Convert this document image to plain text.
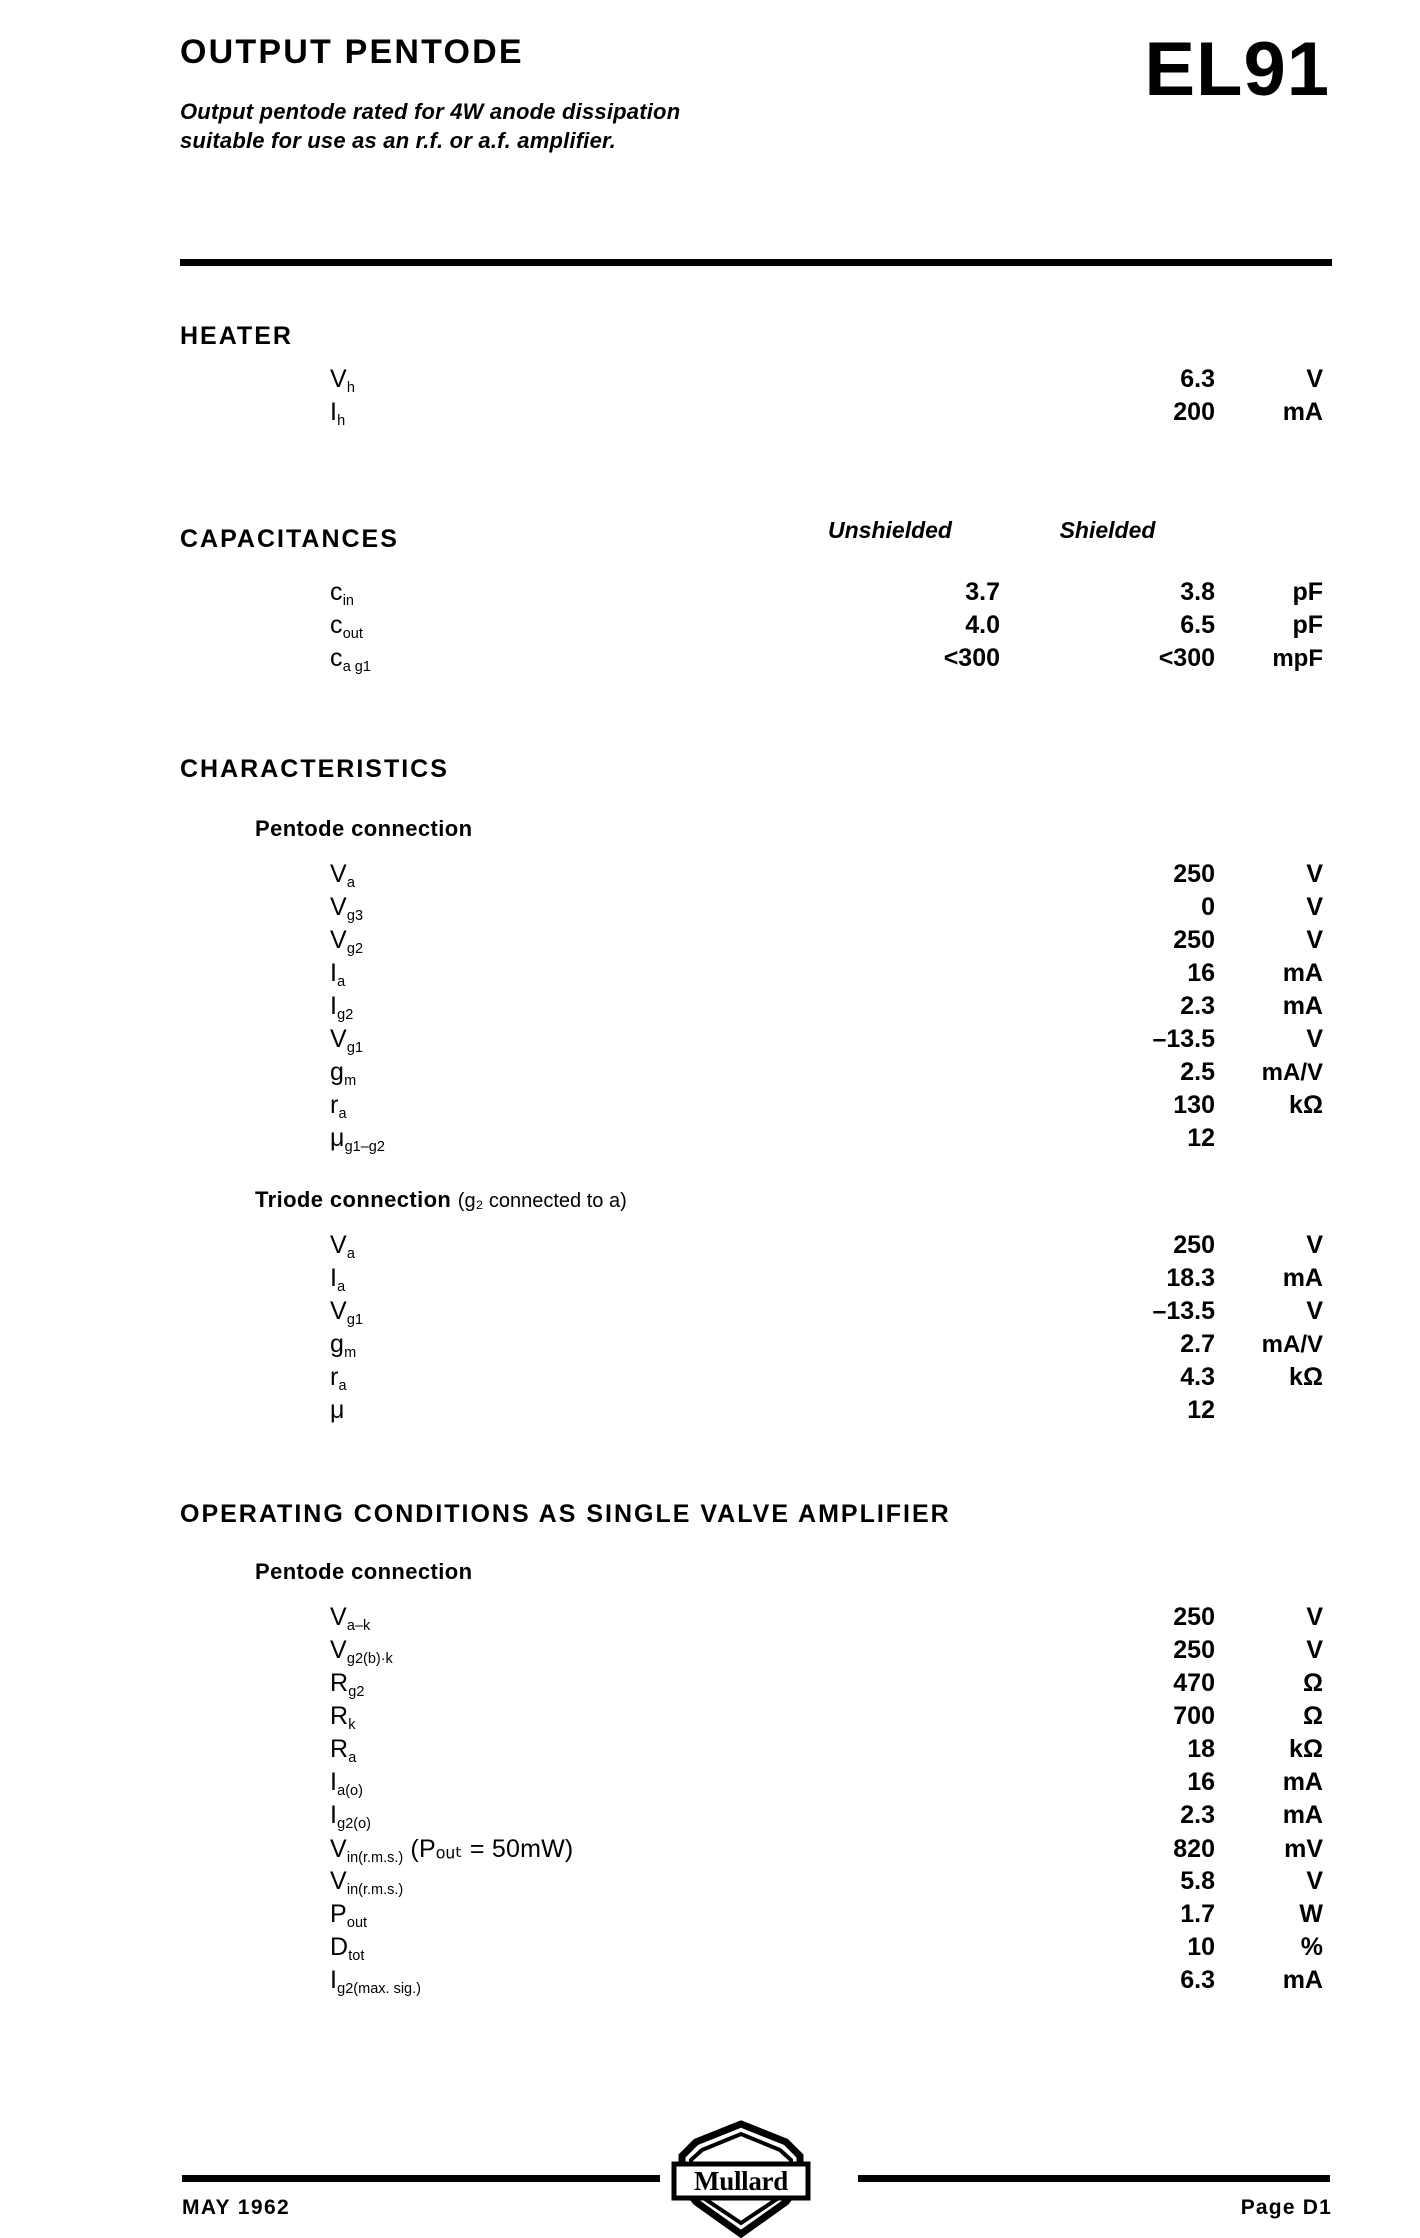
OUTPUT PENTODE
Output pentode rated for 4W anode dissipation
suitable for use as an r.f. or a.f. amplifier.
EL91
HEATER
$V_h$	6.3	V
$I_h$	200	mA
CAPACITANCES	Unshielded	Shielded
$c_{in}$	3.7	3.8	pF
$c_{out}$	4.0	6.5	pF
$c_{a g1}$	<300	<300	mpF
CHARACTERISTICS
Pentode connection
$V_a$	250	V
$V_{g3}$	0	V
$V_{g2}$	250	V
$I_a$	16	mA
$I_{g2}$	2.3	mA
$V_{g1}$	–13.5	V
$g_m$	2.5	mA/V
$r_a$	130	kΩ
$\mu_{g1-g2}$	12
Triode connection (g₂ connected to a)
$V_a$	250	V
$I_a$	18.3	mA
$V_{g1}$	–13.5	V
$g_m$	2.7	mA/V
$r_a$	4.3	kΩ
μ	12
OPERATING CONDITIONS AS SINGLE VALVE AMPLIFIER
Pentode connection
$V_{a-k}$	250	V
$V_{g2(b)\cdot k}$	250	V
$R_{g2}$	470	Ω
$R_k$	700	Ω
$R_a$	18	kΩ
$I_{a(o)}$	16	mA
$I_{g2(o)}$	2.3	mA
$V_{in(r.m.s.)}$ (Pₒᵤₜ = 50mW)	820	mV
$V_{in(r.m.s.)}$	5.8	V
$P_{out}$	1.7	W
$D_{tot}$	10	%
$I_{g2(max. sig.)}$	6.3	mA
MAY 1962	Page D1
Mullard
